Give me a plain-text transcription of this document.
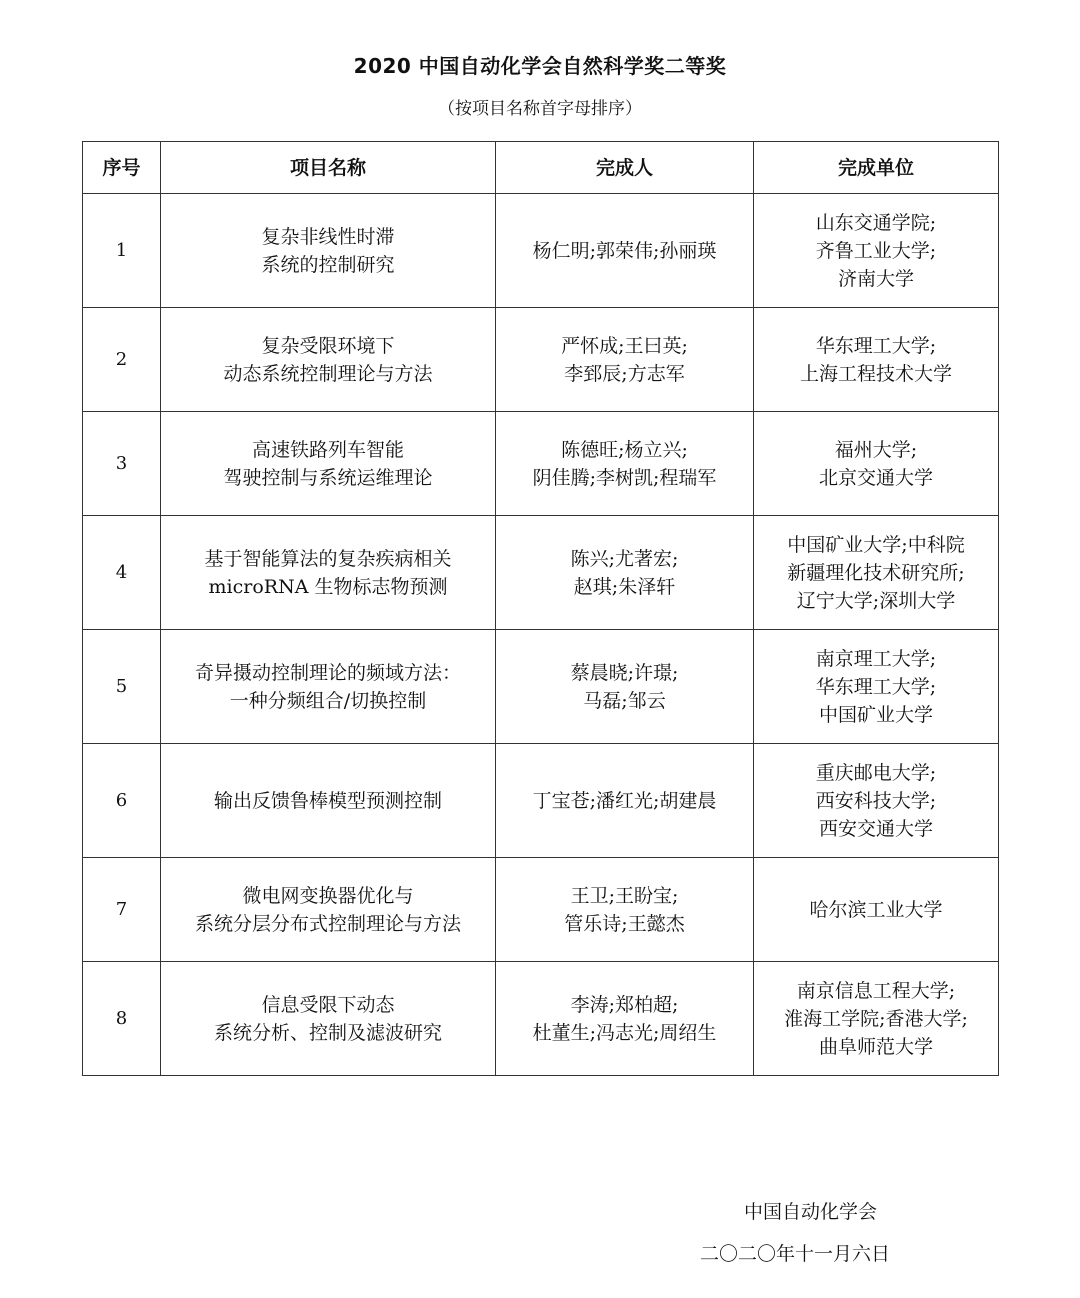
2020 中国自动化学会自然科学奖二等奖
（按项目名称首字母排序）
序号	项目名称	完成人	完成单位
1	复杂非线性时滞
系统的控制研究	杨仁明;郭荣伟;孙丽瑛	山东交通学院;
齐鲁工业大学;
济南大学

2	复杂受限环境下
动态系统控制理论与方法	严怀成;王曰英;
李郅辰;方志军	华东理工大学;
上海工程技术大学

3	高速铁路列车智能
驾驶控制与系统运维理论	陈德旺;杨立兴;
阴佳腾;李树凯;程瑞军	福州大学;
北京交通大学

4	基于智能算法的复杂疾病相关
microRNA 生物标志物预测	陈兴;尤著宏;
赵琪;朱泽轩	中国矿业大学;中科院
新疆理化技术研究所;
辽宁大学;深圳大学

5	奇异摄动控制理论的频域方法：
一种分频组合/切换控制	蔡晨晓;许璟;
马磊;邹云	南京理工大学;
华东理工大学;
中国矿业大学

6	输出反馈鲁棒模型预测控制	丁宝苍;潘红光;胡建晨	重庆邮电大学;
西安科技大学;
西安交通大学

7	微电网变换器优化与
系统分层分布式控制理论与方法	王卫;王盼宝;
管乐诗;王懿杰	哈尔滨工业大学

8	信息受限下动态
系统分析、控制及滤波研究	李涛;郑柏超;
杜董生;冯志光;周绍生	南京信息工程大学;
淮海工学院;香港大学;
曲阜师范大学
中国自动化学会
二〇二〇年十一月六日
